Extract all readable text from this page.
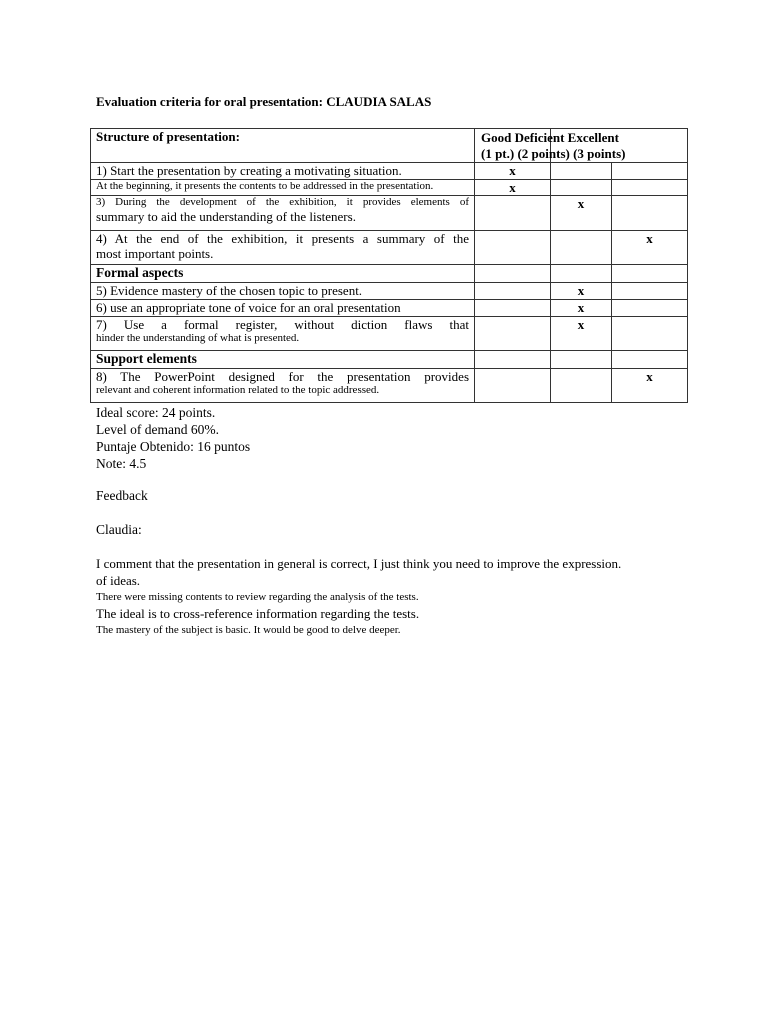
Evaluation criteria for oral presentation: CLAUDIA SALAS
Structure of presentation:	Good Deficient Excellent
(1 pt.) (2 points) (3 points)		

1) Start the presentation by creating a motivating situation.	x		

At the beginning, it presents the contents to be addressed in the presentation.	x		

3) During the development of the exhibition, it provides elements of
summary to aid the understanding of the listeners.		x	

4) At the end of the exhibition, it presents a summary of the
most important points.			x

Formal aspects			

5) Evidence mastery of the chosen topic to present.		x	

6) use an appropriate tone of voice for an oral presentation		x	

7) Use a formal register, without diction flaws that
hinder the understanding of what is presented.		x	

Support elements			

8) The PowerPoint designed for the presentation provides
relevant and coherent information related to the topic addressed.			x
Ideal score: 24 points.
Level of demand 60%.
Puntaje Obtenido: 16 puntos
Note: 4.5
Feedback
Claudia:
I comment that the presentation in general is correct, I just think you need to improve the expression.
of ideas.
There were missing contents to review regarding the analysis of the tests.
The ideal is to cross-reference information regarding the tests.
The mastery of the subject is basic. It would be good to delve deeper.
